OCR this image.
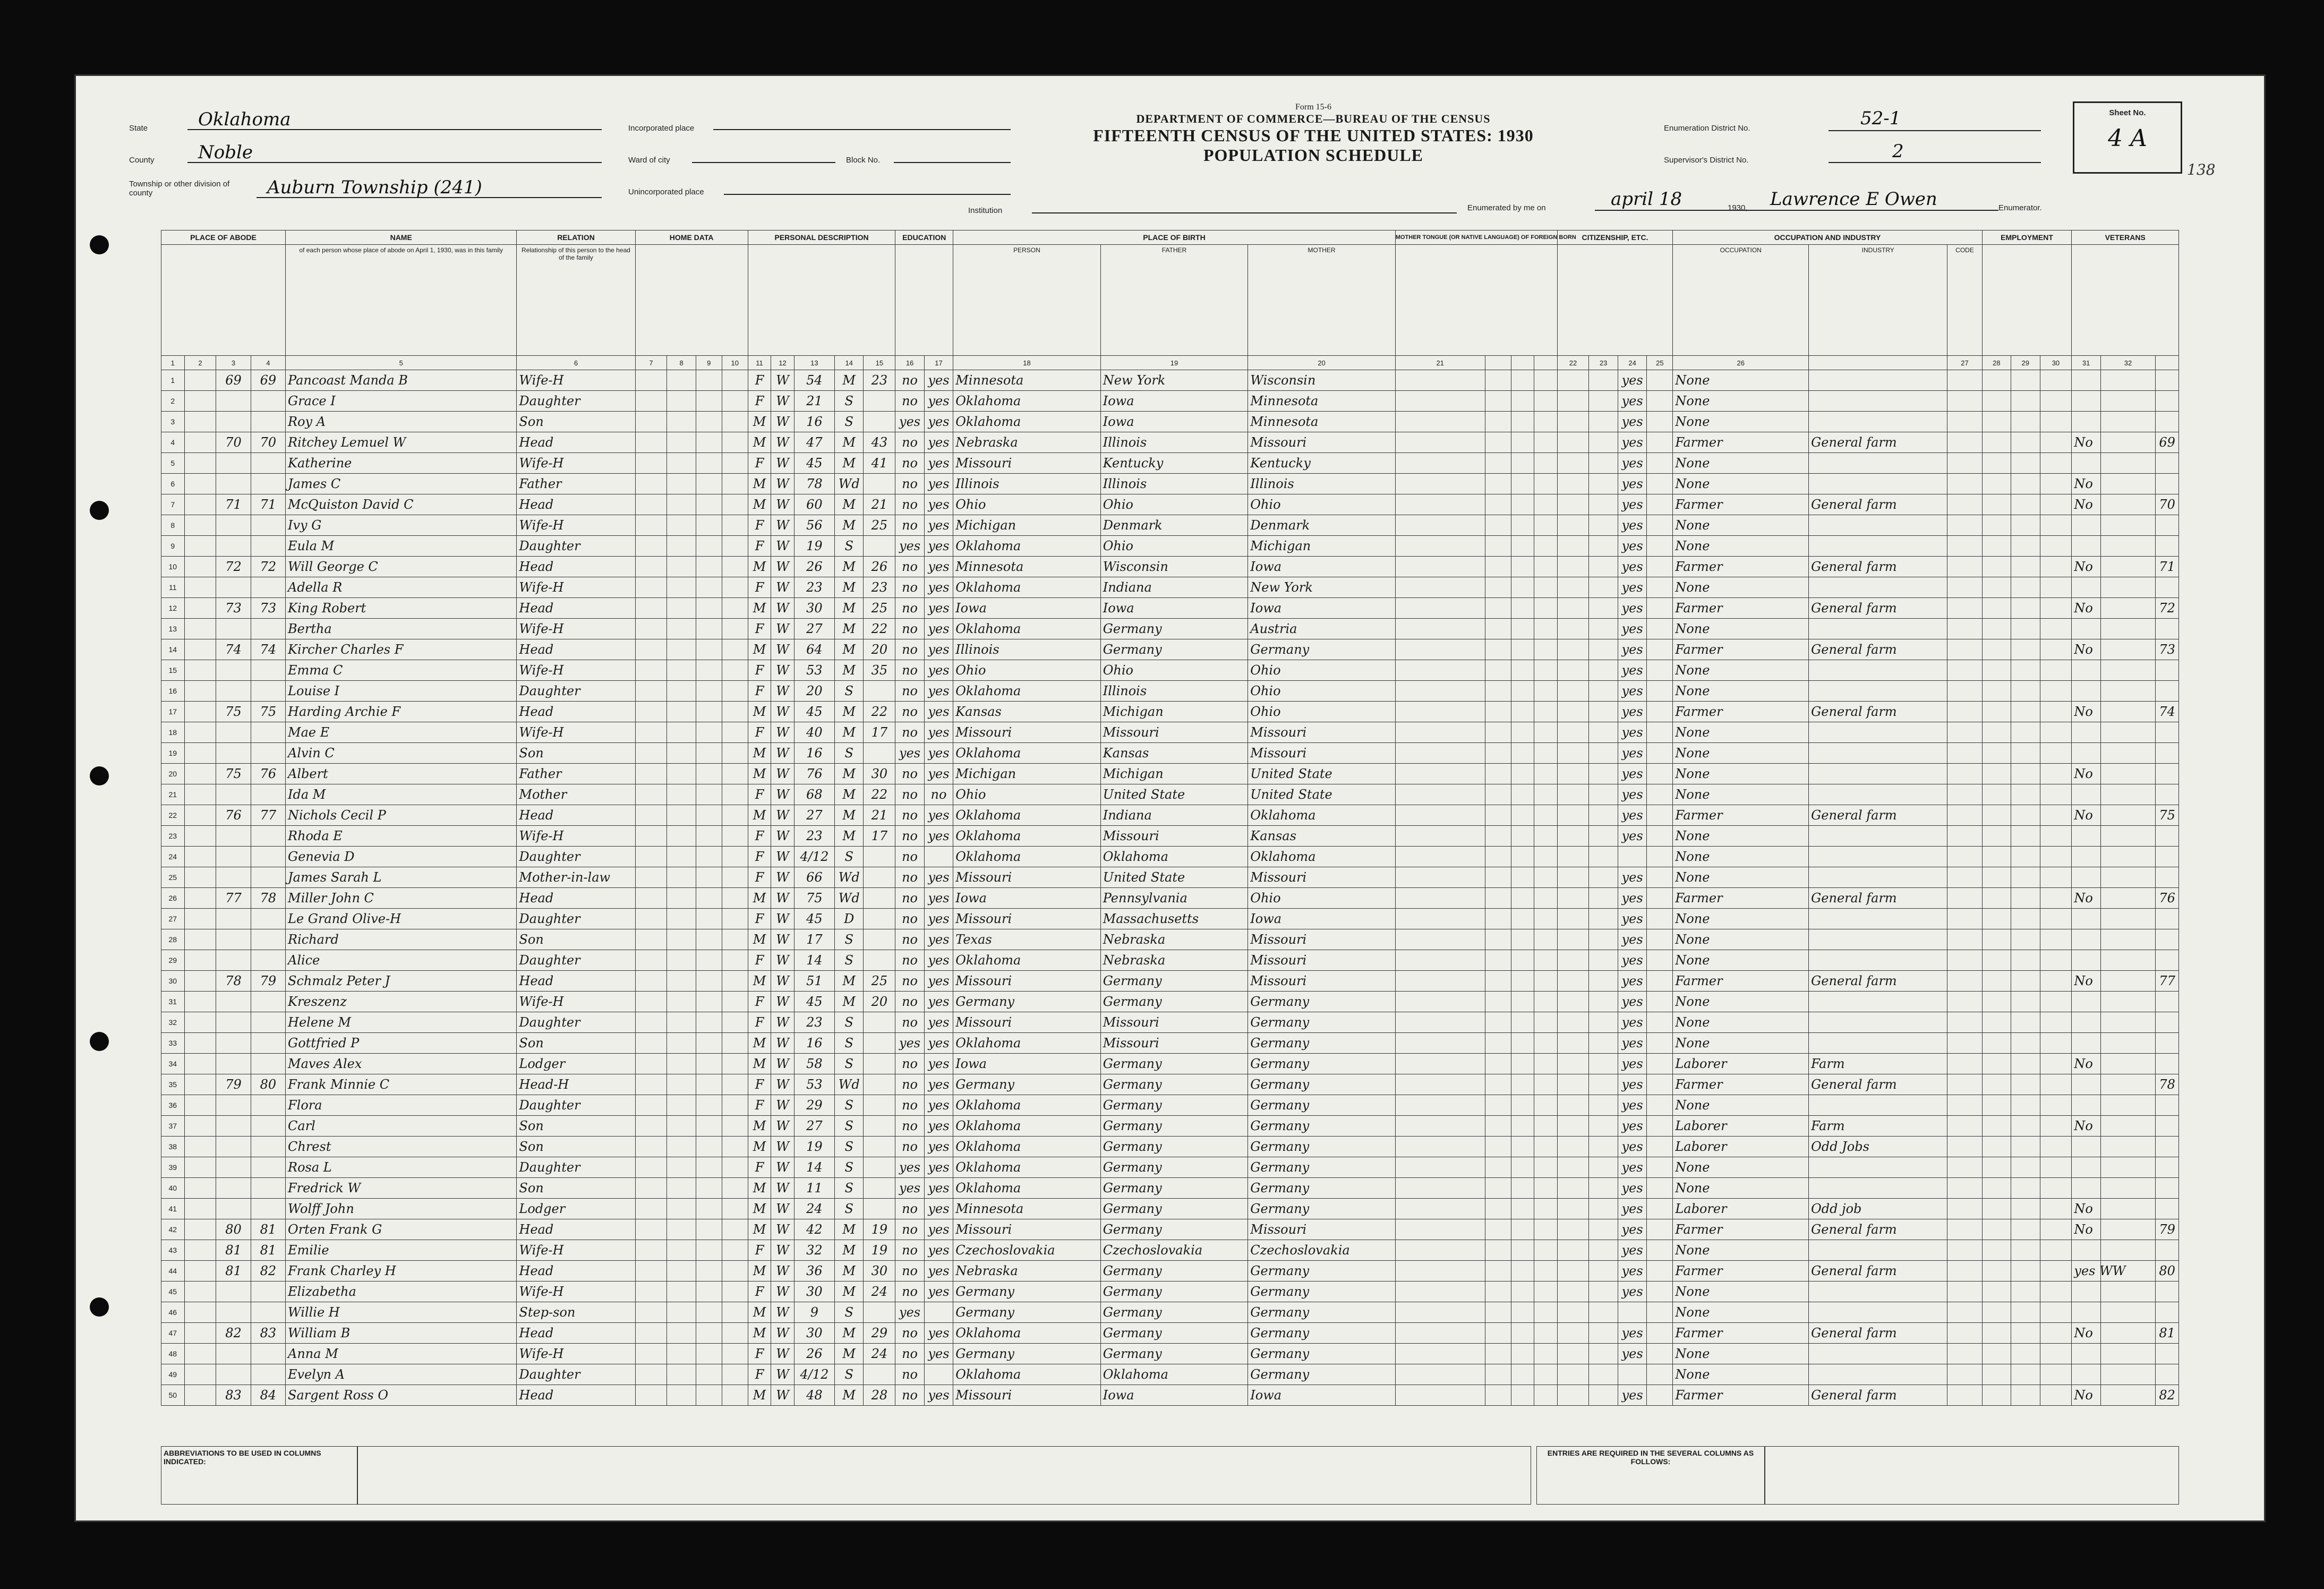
State	Oklahoma
County Noble
Township or other division of county	Auburn Township (241)
Incorporated place
Ward of city	Block No.
Unincorporated place
Form 15-6
DEPARTMENT OF COMMERCE—BUREAU OF THE CENSUS
FIFTEENTH CENSUS OF THE UNITED STATES: 1930
POPULATION SCHEDULE
Institution
Enumeration District No.	52-1
Supervisor's District No.	2
Enumerated by me on	april 18	1930, Lawrence E Owen	Enumerator.
Sheet No.
4 A
138
PLACE OF ABODE				NAME	RELATION	HOME DATA				PERSONAL DESCRIPTION					EDUCATION		PLACE OF BIRTH			MOTHER TONGUE (OR NATIVE LANGUAGE) OF FOREIGN BORN				CITIZENSHIP, ETC.				OCCUPATION AND INDUSTRY			EMPLOYMENT			VETERANS		
				of each person whose place of abode on April 1, 1930, was in this family	Relationship of this person to the head of the family												PERSON	FATHER	MOTHER									OCCUPATION	INDUSTRY	CODE						
1	2	3	4	5	6	7	8	9	10	11	12	13	14	15	16	17	18	19	20	21				22	23	24	25	26		27	28	29	30	31	32	
1		69	69	Pancoast Manda B	Wife-H					F	W	54	M	23	no	yes	Minnesota	New York	Wisconsin							yes		None								
2				Grace I	Daughter					F	W	21	S		no	yes	Oklahoma	Iowa	Minnesota							yes		None								
3				Roy A	Son					M	W	16	S		yes	yes	Oklahoma	Iowa	Minnesota							yes		None								
4		70	70	Ritchey Lemuel W	Head					M	W	47	M	43	no	yes	Nebraska	Illinois	Missouri							yes		Farmer	General farm					No		69
5				Katherine	Wife-H					F	W	45	M	41	no	yes	Missouri	Kentucky	Kentucky							yes		None								
6				James C	Father					M	W	78	Wd		no	yes	Illinois	Illinois	Illinois							yes		None						No		
7		71	71	McQuiston David C	Head					M	W	60	M	21	no	yes	Ohio	Ohio	Ohio							yes		Farmer	General farm					No		70
8				Ivy G	Wife-H					F	W	56	M	25	no	yes	Michigan	Denmark	Denmark							yes		None								
9				Eula M	Daughter					F	W	19	S		yes	yes	Oklahoma	Ohio	Michigan							yes		None								
10		72	72	Will George C	Head					M	W	26	M	26	no	yes	Minnesota	Wisconsin	Iowa							yes		Farmer	General farm					No		71
11				Adella R	Wife-H					F	W	23	M	23	no	yes	Oklahoma	Indiana	New York							yes		None								
12		73	73	King Robert	Head					M	W	30	M	25	no	yes	Iowa	Iowa	Iowa							yes		Farmer	General farm					No		72
13				Bertha	Wife-H					F	W	27	M	22	no	yes	Oklahoma	Germany	Austria							yes		None								
14		74	74	Kircher Charles F	Head					M	W	64	M	20	no	yes	Illinois	Germany	Germany							yes		Farmer	General farm					No		73
15				Emma C	Wife-H					F	W	53	M	35	no	yes	Ohio	Ohio	Ohio							yes		None								
16				Louise I	Daughter					F	W	20	S		no	yes	Oklahoma	Illinois	Ohio							yes		None								
17		75	75	Harding Archie F	Head					M	W	45	M	22	no	yes	Kansas	Michigan	Ohio							yes		Farmer	General farm					No		74
18				Mae E	Wife-H					F	W	40	M	17	no	yes	Missouri	Missouri	Missouri							yes		None								
19				Alvin C	Son					M	W	16	S		yes	yes	Oklahoma	Kansas	Missouri							yes		None								
20		75	76	Albert	Father					M	W	76	M	30	no	yes	Michigan	Michigan	United State							yes		None						No		
21				Ida M	Mother					F	W	68	M	22	no	no	Ohio	United State	United State							yes		None								
22		76	77	Nichols Cecil P	Head					M	W	27	M	21	no	yes	Oklahoma	Indiana	Oklahoma							yes		Farmer	General farm					No		75
23				Rhoda E	Wife-H					F	W	23	M	17	no	yes	Oklahoma	Missouri	Kansas							yes		None								
24				Genevia D	Daughter					F	W	4/12	S		no		Oklahoma	Oklahoma	Oklahoma									None								
25				James Sarah L	Mother-in-law					F	W	66	Wd		no	yes	Missouri	United State	Missouri							yes		None								
26		77	78	Miller John C	Head					M	W	75	Wd		no	yes	Iowa	Pennsylvania	Ohio							yes		Farmer	General farm					No		76
27				Le Grand Olive-H	Daughter					F	W	45	D		no	yes	Missouri	Massachusetts	Iowa							yes		None								
28				Richard	Son					M	W	17	S		no	yes	Texas	Nebraska	Missouri							yes		None								
29				Alice	Daughter					F	W	14	S		no	yes	Oklahoma	Nebraska	Missouri							yes		None								
30		78	79	Schmalz Peter J	Head					M	W	51	M	25	no	yes	Missouri	Germany	Missouri							yes		Farmer	General farm					No		77
31				Kreszenz	Wife-H					F	W	45	M	20	no	yes	Germany	Germany	Germany							yes		None								
32				Helene M	Daughter					F	W	23	S		no	yes	Missouri	Missouri	Germany							yes		None								
33				Gottfried P	Son					M	W	16	S		yes	yes	Oklahoma	Missouri	Germany							yes		None								
34				Maves Alex	Lodger					M	W	58	S		no	yes	Iowa	Germany	Germany							yes		Laborer	Farm					No		
35		79	80	Frank Minnie C	Head-H					F	W	53	Wd		no	yes	Germany	Germany	Germany							yes		Farmer	General farm							78
36				Flora	Daughter					F	W	29	S		no	yes	Oklahoma	Germany	Germany							yes		None								
37				Carl	Son					M	W	27	S		no	yes	Oklahoma	Germany	Germany							yes		Laborer	Farm					No		
38				Chrest	Son					M	W	19	S		no	yes	Oklahoma	Germany	Germany							yes		Laborer	Odd Jobs							
39				Rosa L	Daughter					F	W	14	S		yes	yes	Oklahoma	Germany	Germany							yes		None								
40				Fredrick W	Son					M	W	11	S		yes	yes	Oklahoma	Germany	Germany							yes		None								
41				Wolff John	Lodger					M	W	24	S		no	yes	Minnesota	Germany	Germany							yes		Laborer	Odd job					No		
42		80	81	Orten Frank G	Head					M	W	42	M	19	no	yes	Missouri	Germany	Missouri							yes		Farmer	General farm					No		79
43		81	81	Emilie	Wife-H					F	W	32	M	19	no	yes	Czechoslovakia	Czechoslovakia	Czechoslovakia							yes		None								
44		81	82	Frank Charley H	Head					M	W	36	M	30	no	yes	Nebraska	Germany	Germany							yes		Farmer	General farm					yes WW		80
45				Elizabetha	Wife-H					F	W	30	M	24	no	yes	Germany	Germany	Germany							yes		None								
46				Willie H	Step-son					M	W	9	S		yes		Germany	Germany	Germany									None								
47		82	83	William B	Head					M	W	30	M	29	no	yes	Oklahoma	Germany	Germany							yes		Farmer	General farm					No		81
48				Anna M	Wife-H					F	W	26	M	24	no	yes	Germany	Germany	Germany							yes		None								
49				Evelyn A	Daughter					F	W	4/12	S		no		Oklahoma	Oklahoma	Germany									None								
50		83	84	Sargent Ross O	Head					M	W	48	M	28	no	yes	Missouri	Iowa	Iowa							yes		Farmer	General farm					No		82
ABBREVIATIONS TO BE USED IN COLUMNS INDICATED:
ENTRIES ARE REQUIRED IN THE SEVERAL COLUMNS AS FOLLOWS:
